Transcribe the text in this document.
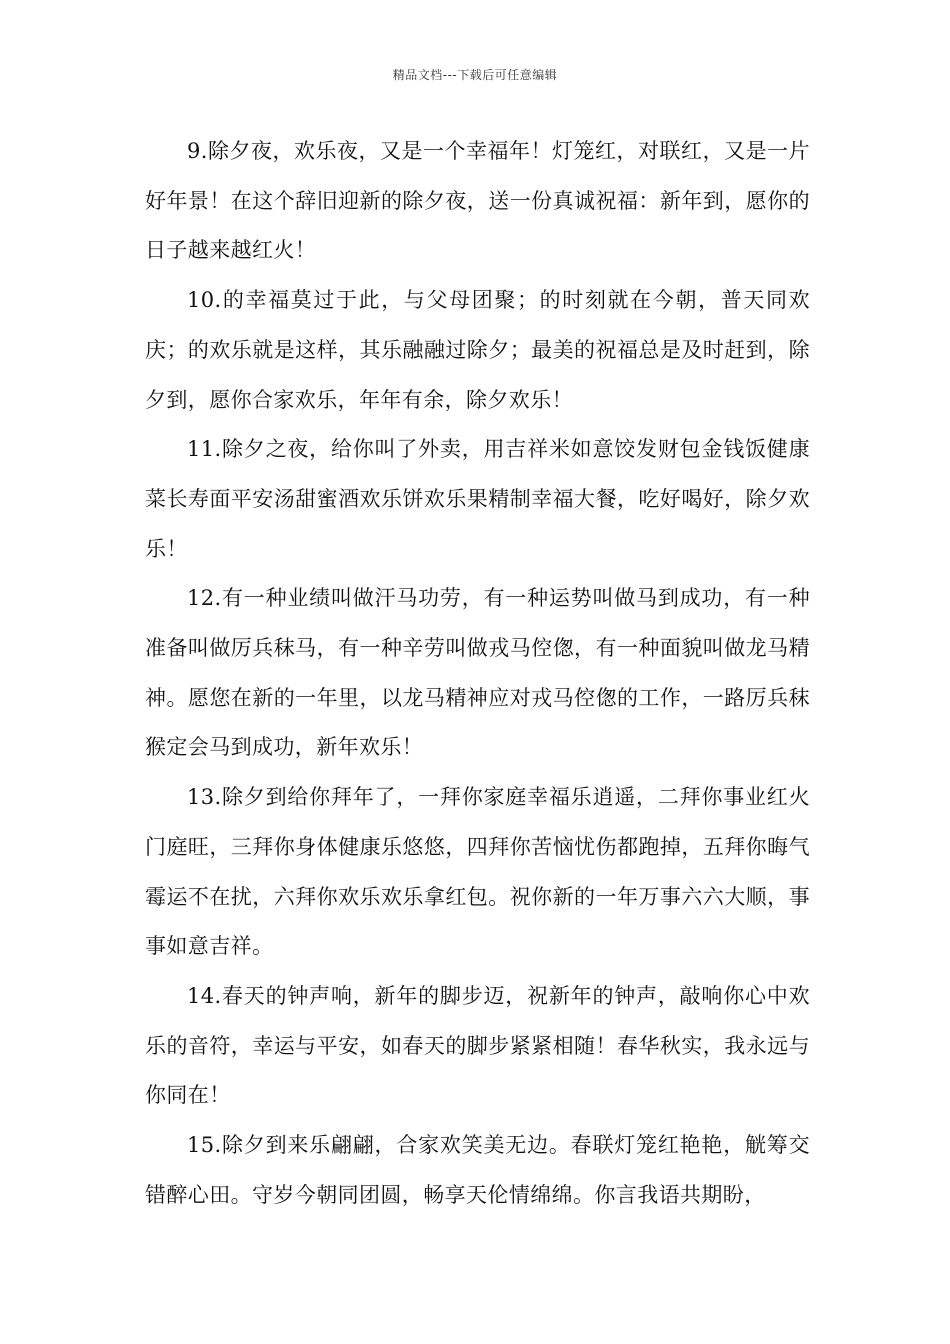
精品文档---下载后可任意编辑

9.除夕夜，欢乐夜，又是一个幸福年！灯笼红，对联红，又是一片好年景！在这个辞旧迎新的除夕夜，送一份真诚祝福：新年到，愿你的日子越来越红火！

10.的幸福莫过于此，与父母团聚；的时刻就在今朝，普天同欢庆；的欢乐就是这样，其乐融融过除夕；最美的祝福总是及时赶到，除夕到，愿你合家欢乐，年年有余，除夕欢乐！

11.除夕之夜，给你叫了外卖，用吉祥米如意饺发财包金钱饭健康菜长寿面平安汤甜蜜酒欢乐饼欢乐果精制幸福大餐，吃好喝好，除夕欢乐！

12.有一种业绩叫做汗马功劳，有一种运势叫做马到成功，有一种准备叫做厉兵秣马，有一种辛劳叫做戎马倥偬，有一种面貌叫做龙马精神。愿您在新的一年里，以龙马精神应对戎马倥偬的工作，一路厉兵秣猴定会马到成功，新年欢乐！

13.除夕到给你拜年了，一拜你家庭幸福乐逍遥，二拜你事业红火门庭旺，三拜你身体健康乐悠悠，四拜你苦恼忧伤都跑掉，五拜你晦气霉运不在扰，六拜你欢乐欢乐拿红包。祝你新的一年万事六六大顺，事事如意吉祥。

14.春天的钟声响，新年的脚步迈，祝新年的钟声，敲响你心中欢乐的音符，幸运与平安，如春天的脚步紧紧相随！春华秋实，我永远与你同在！

15.除夕到来乐翩翩，合家欢笑美无边。春联灯笼红艳艳，觥筹交错醉心田。守岁今朝同团圆，畅享天伦情绵绵。你言我语共期盼，
